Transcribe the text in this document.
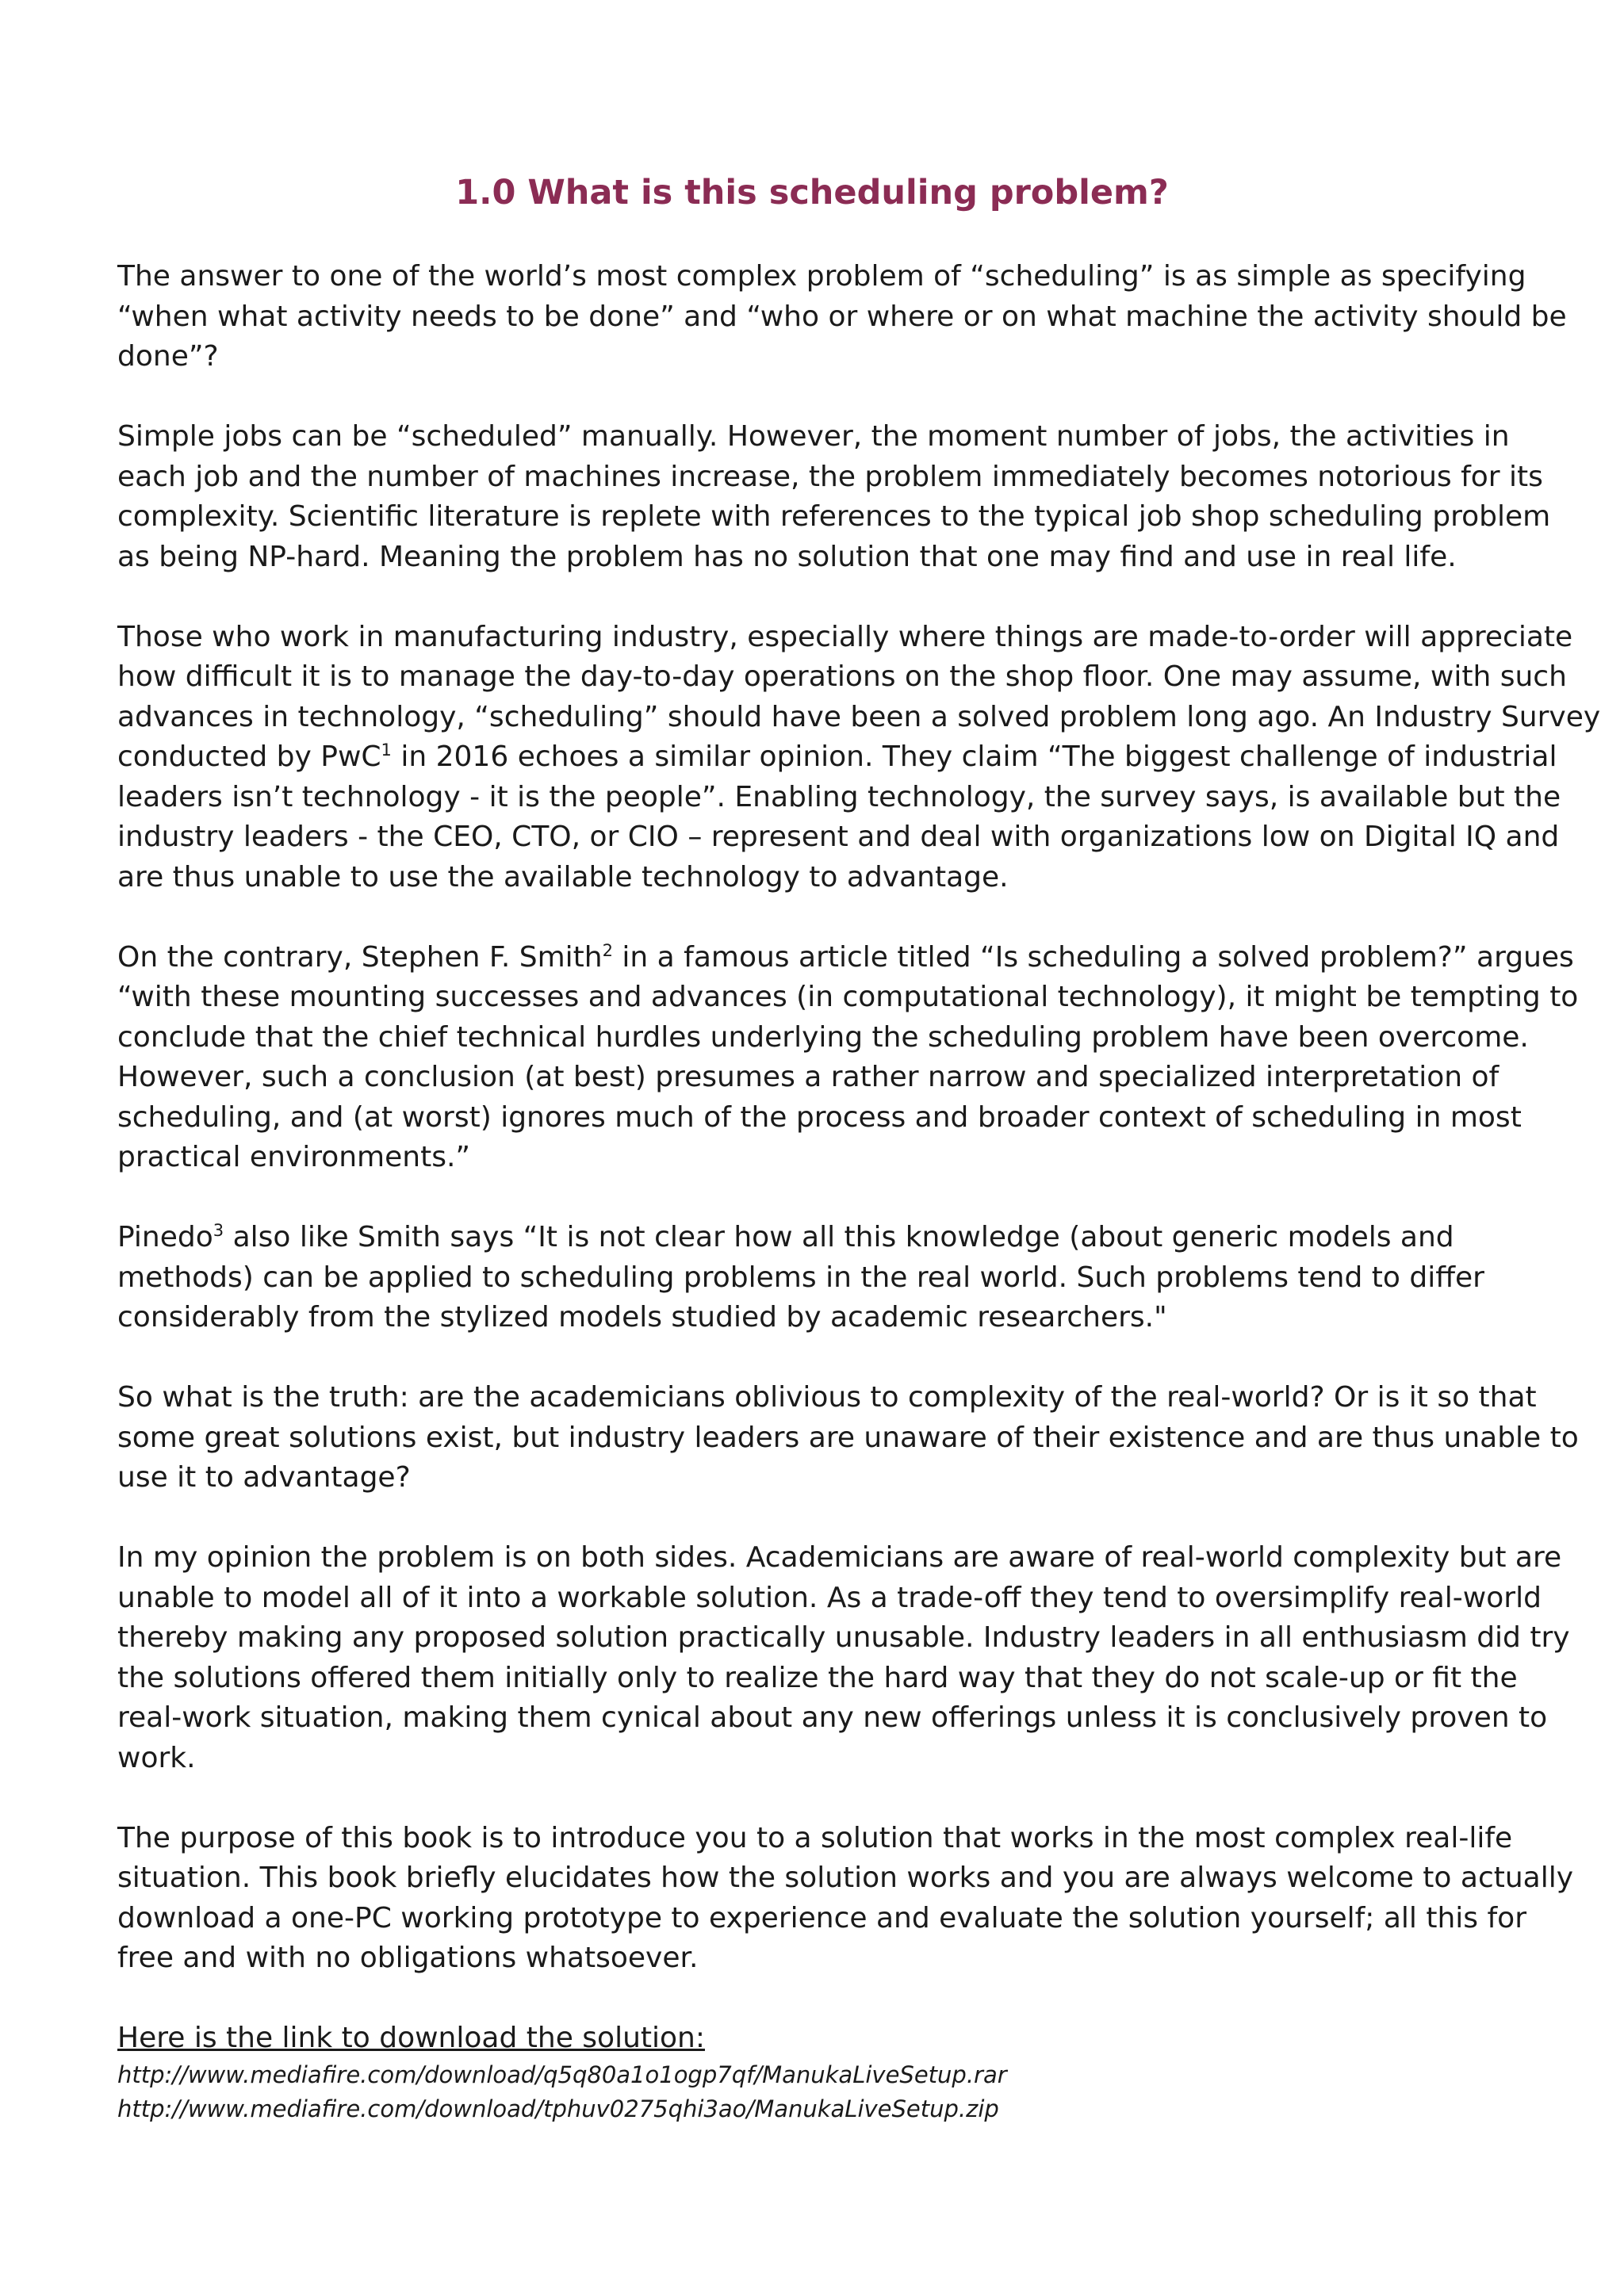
1.0 What is this scheduling problem?

The answer to one of the world’s most complex problem of “scheduling” is as simple as specifying
“when what activity needs to be done” and “who or where or on what machine the activity should be
done”?

Simple jobs can be “scheduled” manually. However, the moment number of jobs, the activities in
each job and the number of machines increase, the problem immediately becomes notorious for its
complexity. Scientific literature is replete with references to the typical job shop scheduling problem
as being NP-hard. Meaning the problem has no solution that one may find and use in real life.

Those who work in manufacturing industry, especially where things are made-to-order will appreciate
how difficult it is to manage the day-to-day operations on the shop floor. One may assume, with such
advances in technology, “scheduling” should have been a solved problem long ago. An Industry Survey
conducted by PwC$^1$ in 2016 echoes a similar opinion. They claim “The biggest challenge of industrial
leaders isn’t technology - it is the people”. Enabling technology, the survey says, is available but the
industry leaders - the CEO, CTO, or CIO – represent and deal with organizations low on Digital IQ and
are thus unable to use the available technology to advantage.

On the contrary, Stephen F. Smith$^2$ in a famous article titled “Is scheduling a solved problem?” argues
“with these mounting successes and advances (in computational technology), it might be tempting to
conclude that the chief technical hurdles underlying the scheduling problem have been overcome.
However, such a conclusion (at best) presumes a rather narrow and specialized interpretation of
scheduling, and (at worst) ignores much of the process and broader context of scheduling in most
practical environments.”

Pinedo$^3$ also like Smith says “It is not clear how all this knowledge (about generic models and
methods) can be applied to scheduling problems in the real world. Such problems tend to differ
considerably from the stylized models studied by academic researchers."

So what is the truth: are the academicians oblivious to complexity of the real-world? Or is it so that
some great solutions exist, but industry leaders are unaware of their existence and are thus unable to
use it to advantage?

In my opinion the problem is on both sides. Academicians are aware of real-world complexity but are
unable to model all of it into a workable solution. As a trade-off they tend to oversimplify real-world
thereby making any proposed solution practically unusable. Industry leaders in all enthusiasm did try
the solutions offered them initially only to realize the hard way that they do not scale-up or fit the
real-work situation, making them cynical about any new offerings unless it is conclusively proven to
work.

The purpose of this book is to introduce you to a solution that works in the most complex real-life
situation. This book briefly elucidates how the solution works and you are always welcome to actually
download a one-PC working prototype to experience and evaluate the solution yourself; all this for
free and with no obligations whatsoever.

Here is the link to download the solution:
http://www.mediafire.com/download/q5q80a1o1ogp7qf/ManukaLiveSetup.rar
http://www.mediafire.com/download/tphuv0275qhi3ao/ManukaLiveSetup.zip
